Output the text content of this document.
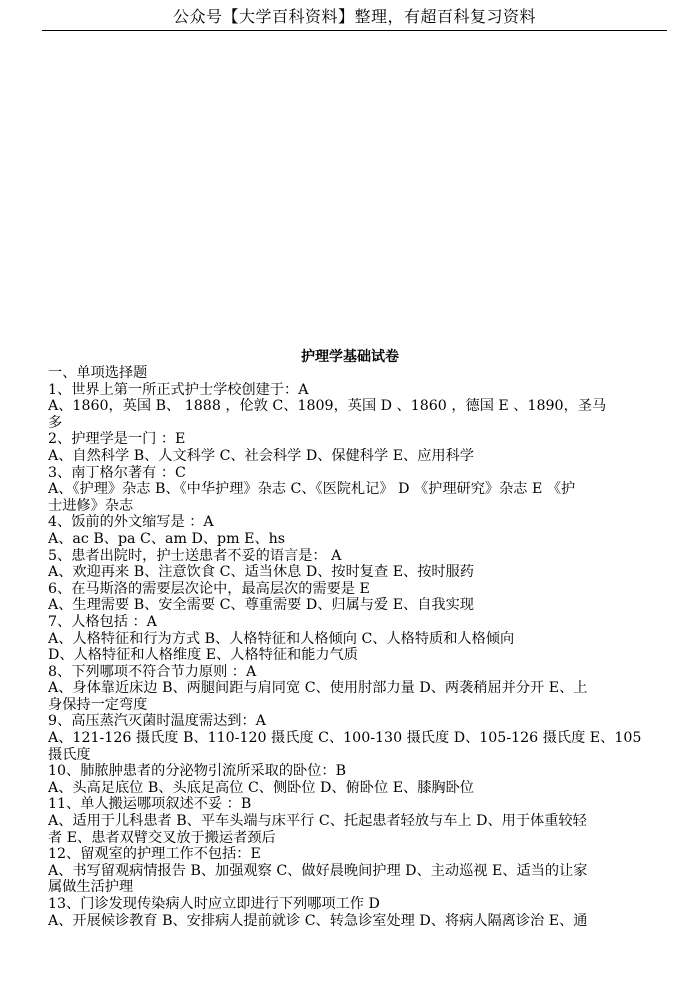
公众号【大学百科资料】整理，有超百科复习资料
护理学基础试卷
一、单项选择题
1、世界上第一所正式护士学校创建于：A
A、1860，英国 B、 1888 ，伦敦 C、1809，英国 D 、1860 ，德国 E 、1890，圣马
多
2、护理学是一门 ：E
A、自然科学 B、人文科学 C、社会科学 D、保健科学 E、应用科学
3、南丁格尔著有 ：C
A、《护理》杂志 B、《中华护理》杂志 C、《医院札记》 D 《护理研究》杂志 E 《护
士进修》杂志
4、饭前的外文缩写是 ：A
A、ac B、pa C、am D、pm E、hs
5、患者出院时，护士送患者不妥的语言是： A
A、欢迎再来 B、注意饮食 C、适当休息 D、按时复查 E、按时服药
6、在马斯洛的需要层次论中，最高层次的需要是 E
A、生理需要 B、安全需要 C、尊重需要 D、归属与爱 E、自我实现
7、人格包括 ：A
A、人格特征和行为方式 B、人格特征和人格倾向 C、人格特质和人格倾向
D、人格特征和人格维度 E、人格特征和能力气质
8、下列哪项不符合节力原则 ：A
A、身体靠近床边 B、两腿间距与肩同宽 C、使用肘部力量 D、两袭稍屈并分开 E、上
身保持一定弯度
9、高压蒸汽灭菌时温度需达到：A
A、121-126 摄氏度 B、110-120 摄氏度 C、100-130 摄氏度 D、105-126 摄氏度 E、105
摄氏度
10、肺脓肿患者的分泌物引流所采取的卧位：B
A、头高足底位 B、头底足高位 C、侧卧位 D、俯卧位 E、膝胸卧位
11、单人搬运哪项叙述不妥 ：B
A、适用于儿科患者 B、平车头端与床平行 C、托起患者轻放与车上 D、用于体重较轻
者 E、患者双臂交叉放于搬运者颈后
12、留观室的护理工作不包括：E
A、书写留观病情报告 B、加强观察 C、做好晨晚间护理 D、主动巡视 E、适当的让家
属做生活护理
13、门诊发现传染病人时应立即进行下列哪项工作 D
A、开展候诊教育 B、安排病人提前就诊 C、转急诊室处理 D、将病人隔离诊治 E、通
